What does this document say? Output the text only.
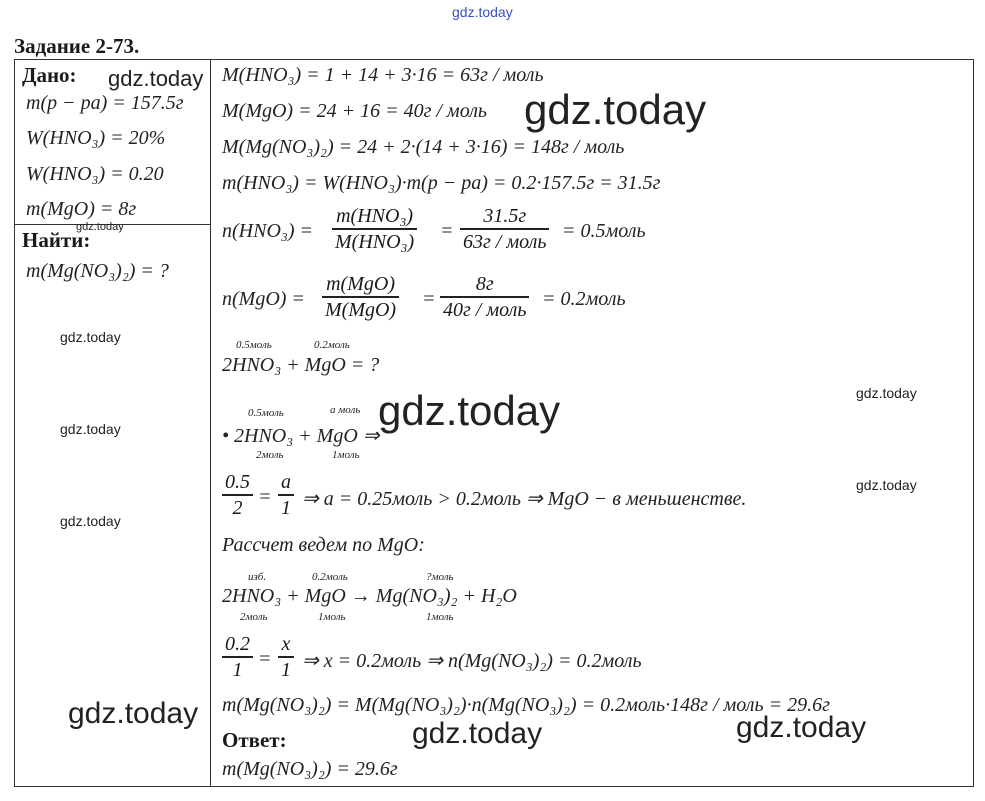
gdz.today
Задание 2-73.
Дано:
m(p − pa) = 157.5г
W(HNO₃) = 20%
W(HNO₃) = 0.20
m(MgO) = 8г
Найти:
m(Mg(NO₃)₂) = ?
M(HNO₃) = 1 + 14 + 3·16 = 63г / моль
M(MgO) = 24 + 16 = 40г / моль
M(Mg(NO₃)₂) = 24 + 2·(14 + 3·16) = 148г / моль
m(HNO₃) = W(HNO₃)·m(p − pa) = 0.2·157.5г = 31.5г
n(HNO₃) =
m(HNO₃)
M(HNO₃) =
31.5г
63г / моль = 0.5моль
n(MgO) =
m(MgO)
M(MgO) =
8г
40г / моль = 0.2моль
0.5моль	0.2моль
2HNO₃ + MgO = ?
0.5моль	a моль
• 2HNO₃ + MgO ⇒
2моль	1моль
0.5
2 =
a
1 ⇒ a = 0.25моль > 0.2моль ⇒ MgO − в меньшенстве.
Рассчет ведем по MgO:
изб.	0.2моль	?моль
2HNO₃ + MgO → Mg(NO₃)₂ + H₂O
2моль	1моль	1моль
0.2
1 =
x
1 ⇒ x = 0.2моль ⇒ n(Mg(NO₃)₂) = 0.2моль
m(Mg(NO₃)₂) = M(Mg(NO₃)₂)·n(Mg(NO₃)₂) = 0.2моль·148г / моль = 29.6г
Ответ:
m(Mg(NO₃)₂) = 29.6г
gdz.today
gdz.today
gdz.today
gdz.today
gdz.today
gdz.today
gdz.today
gdz.today
gdz.today
gdz.today	gdz.today
gdz.today
